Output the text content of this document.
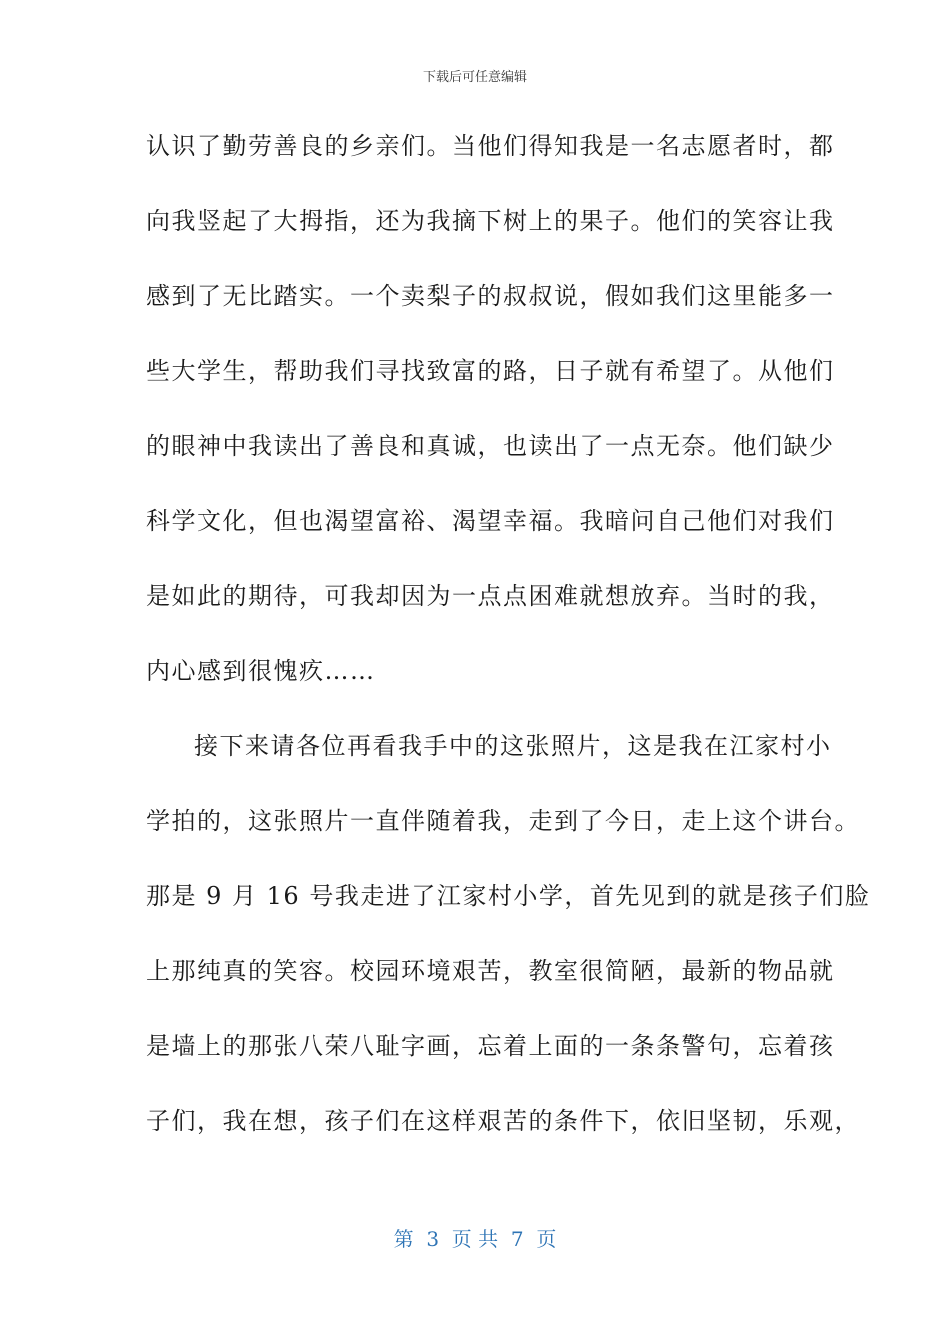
下载后可任意编辑
认识了勤劳善良的乡亲们。当他们得知我是一名志愿者时，都
向我竖起了大拇指，还为我摘下树上的果子。他们的笑容让我
感到了无比踏实。一个卖梨子的叔叔说，假如我们这里能多一
些大学生，帮助我们寻找致富的路，日子就有希望了。从他们
的眼神中我读出了善良和真诚，也读出了一点无奈。他们缺少
科学文化，但也渴望富裕、渴望幸福。我暗问自己他们对我们
是如此的期待，可我却因为一点点困难就想放弃。当时的我，
内心感到很愧疚……
接下来请各位再看我手中的这张照片，这是我在江家村小
学拍的，这张照片一直伴随着我，走到了今日，走上这个讲台。
那是 9 月 16 号我走进了江家村小学，首先见到的就是孩子们脸
上那纯真的笑容。校园环境艰苦，教室很简陋，最新的物品就
是墙上的那张八荣八耻字画，忘着上面的一条条警句，忘着孩
子们，我在想，孩子们在这样艰苦的条件下，依旧坚韧，乐观，
第  3  页 共  7  页
